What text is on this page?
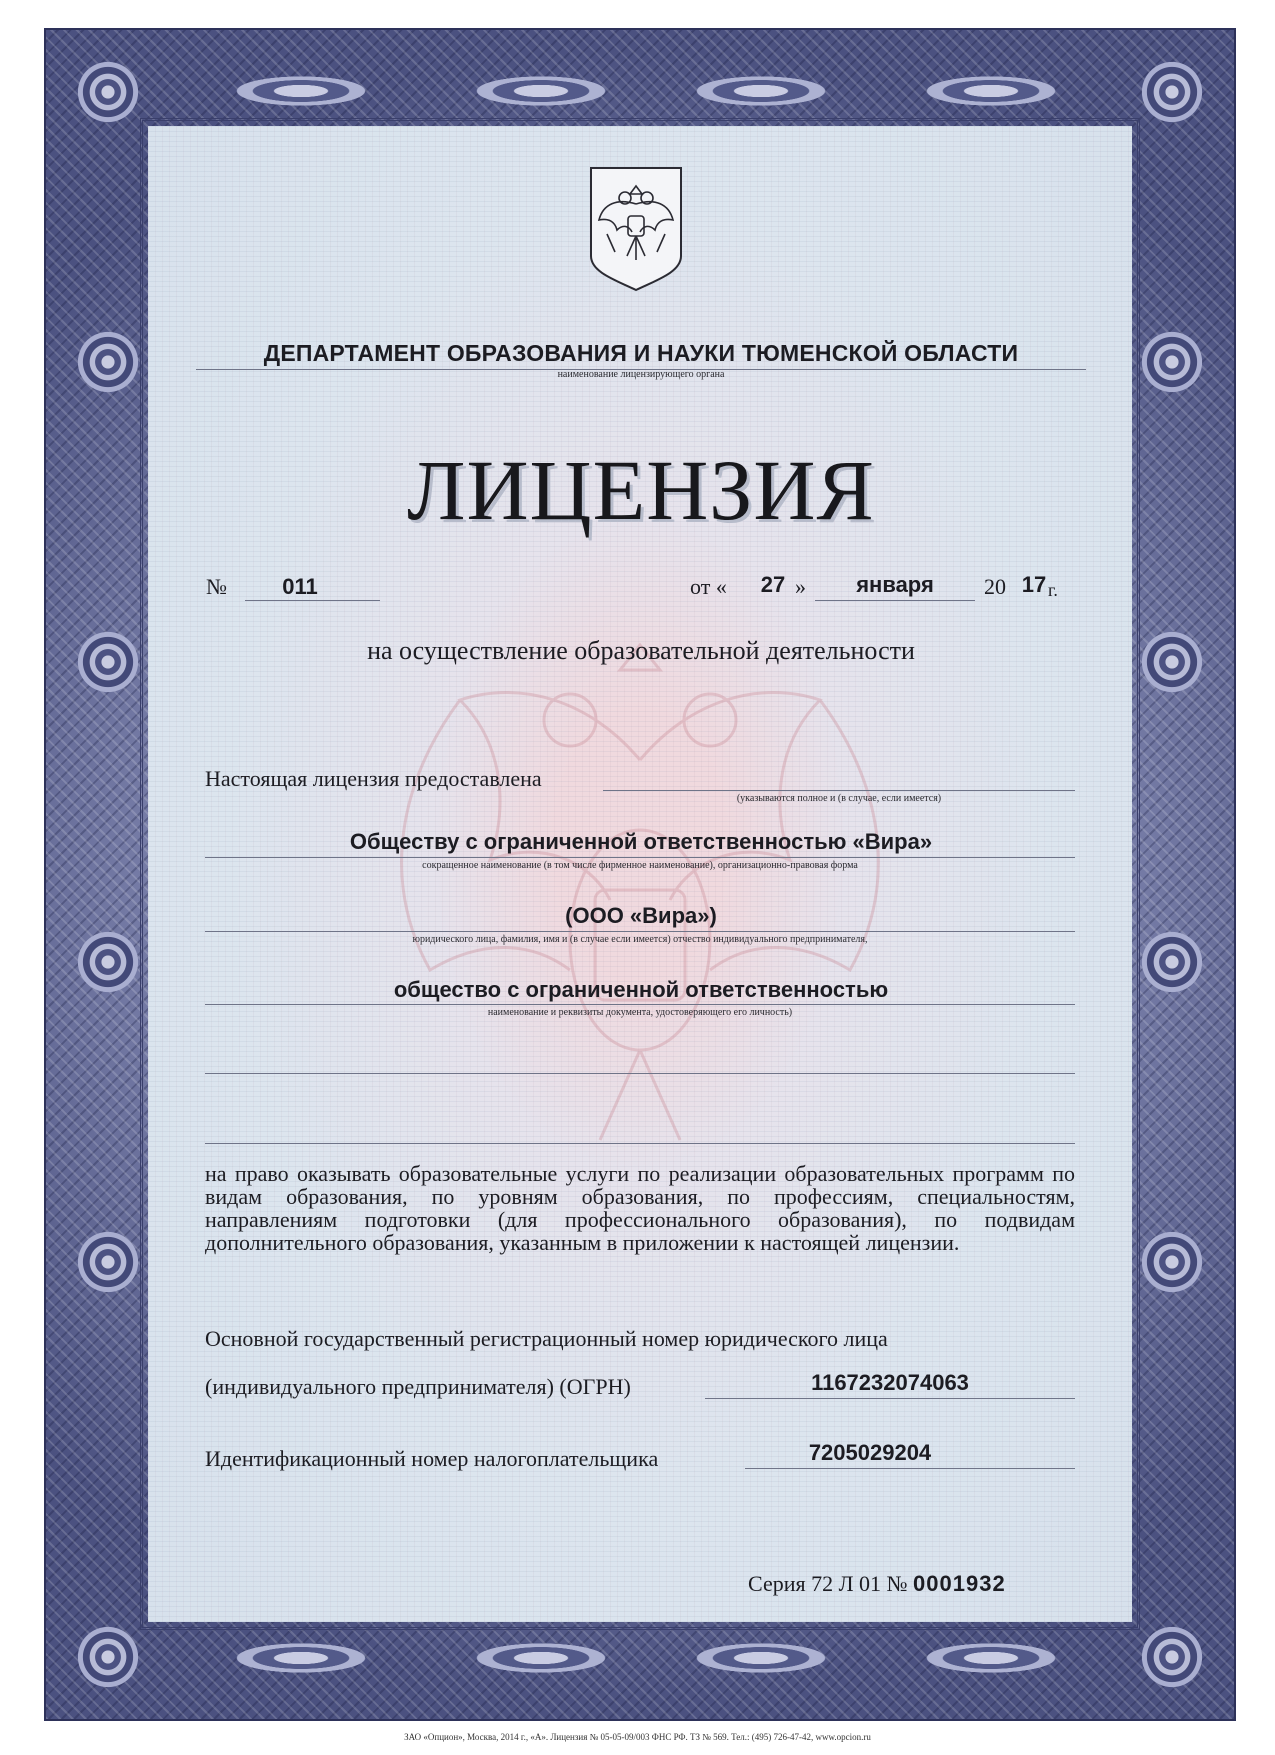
ДЕПАРТАМЕНТ ОБРАЗОВАНИЯ И НАУКИ ТЮМЕНСКОЙ ОБЛАСТИ
наименование лицензирующего органа
ЛИЦЕНЗИЯ
№	011	от «	27 »	января	20 17 г.
на осуществление образовательной деятельности
Настоящая лицензия предоставлена
(указываются полное и (в случае, если имеется)
Обществу с ограниченной ответственностью «Вира»
сокращенное наименование (в том числе фирменное наименование), организационно-правовая форма
(ООО «Вира»)
юридического лица, фамилия, имя и (в случае если имеется) отчество индивидуального предпринимателя,
общество с ограниченной ответственностью
наименование и реквизиты документа, удостоверяющего его личность)
на право оказывать образовательные услуги по реализации образовательных программ по видам образования, по уровням образования, по профессиям, специальностям, направлениям подготовки (для профессионального образования), по подвидам дополнительного образования, указанным в приложении к настоящей лицензии.
Основной государственный регистрационный номер юридического лица
(индивидуального предпринимателя) (ОГРН)	1167232074063
Идентификационный номер налогоплательщика	7205029204
Серия 72 Л 01 № 0001932
ЗАО «Опцион», Москва, 2014 г., «А». Лицензия № 05-05-09/003 ФНС РФ. ТЗ № 569. Тел.: (495) 726-47-42, www.opcion.ru
